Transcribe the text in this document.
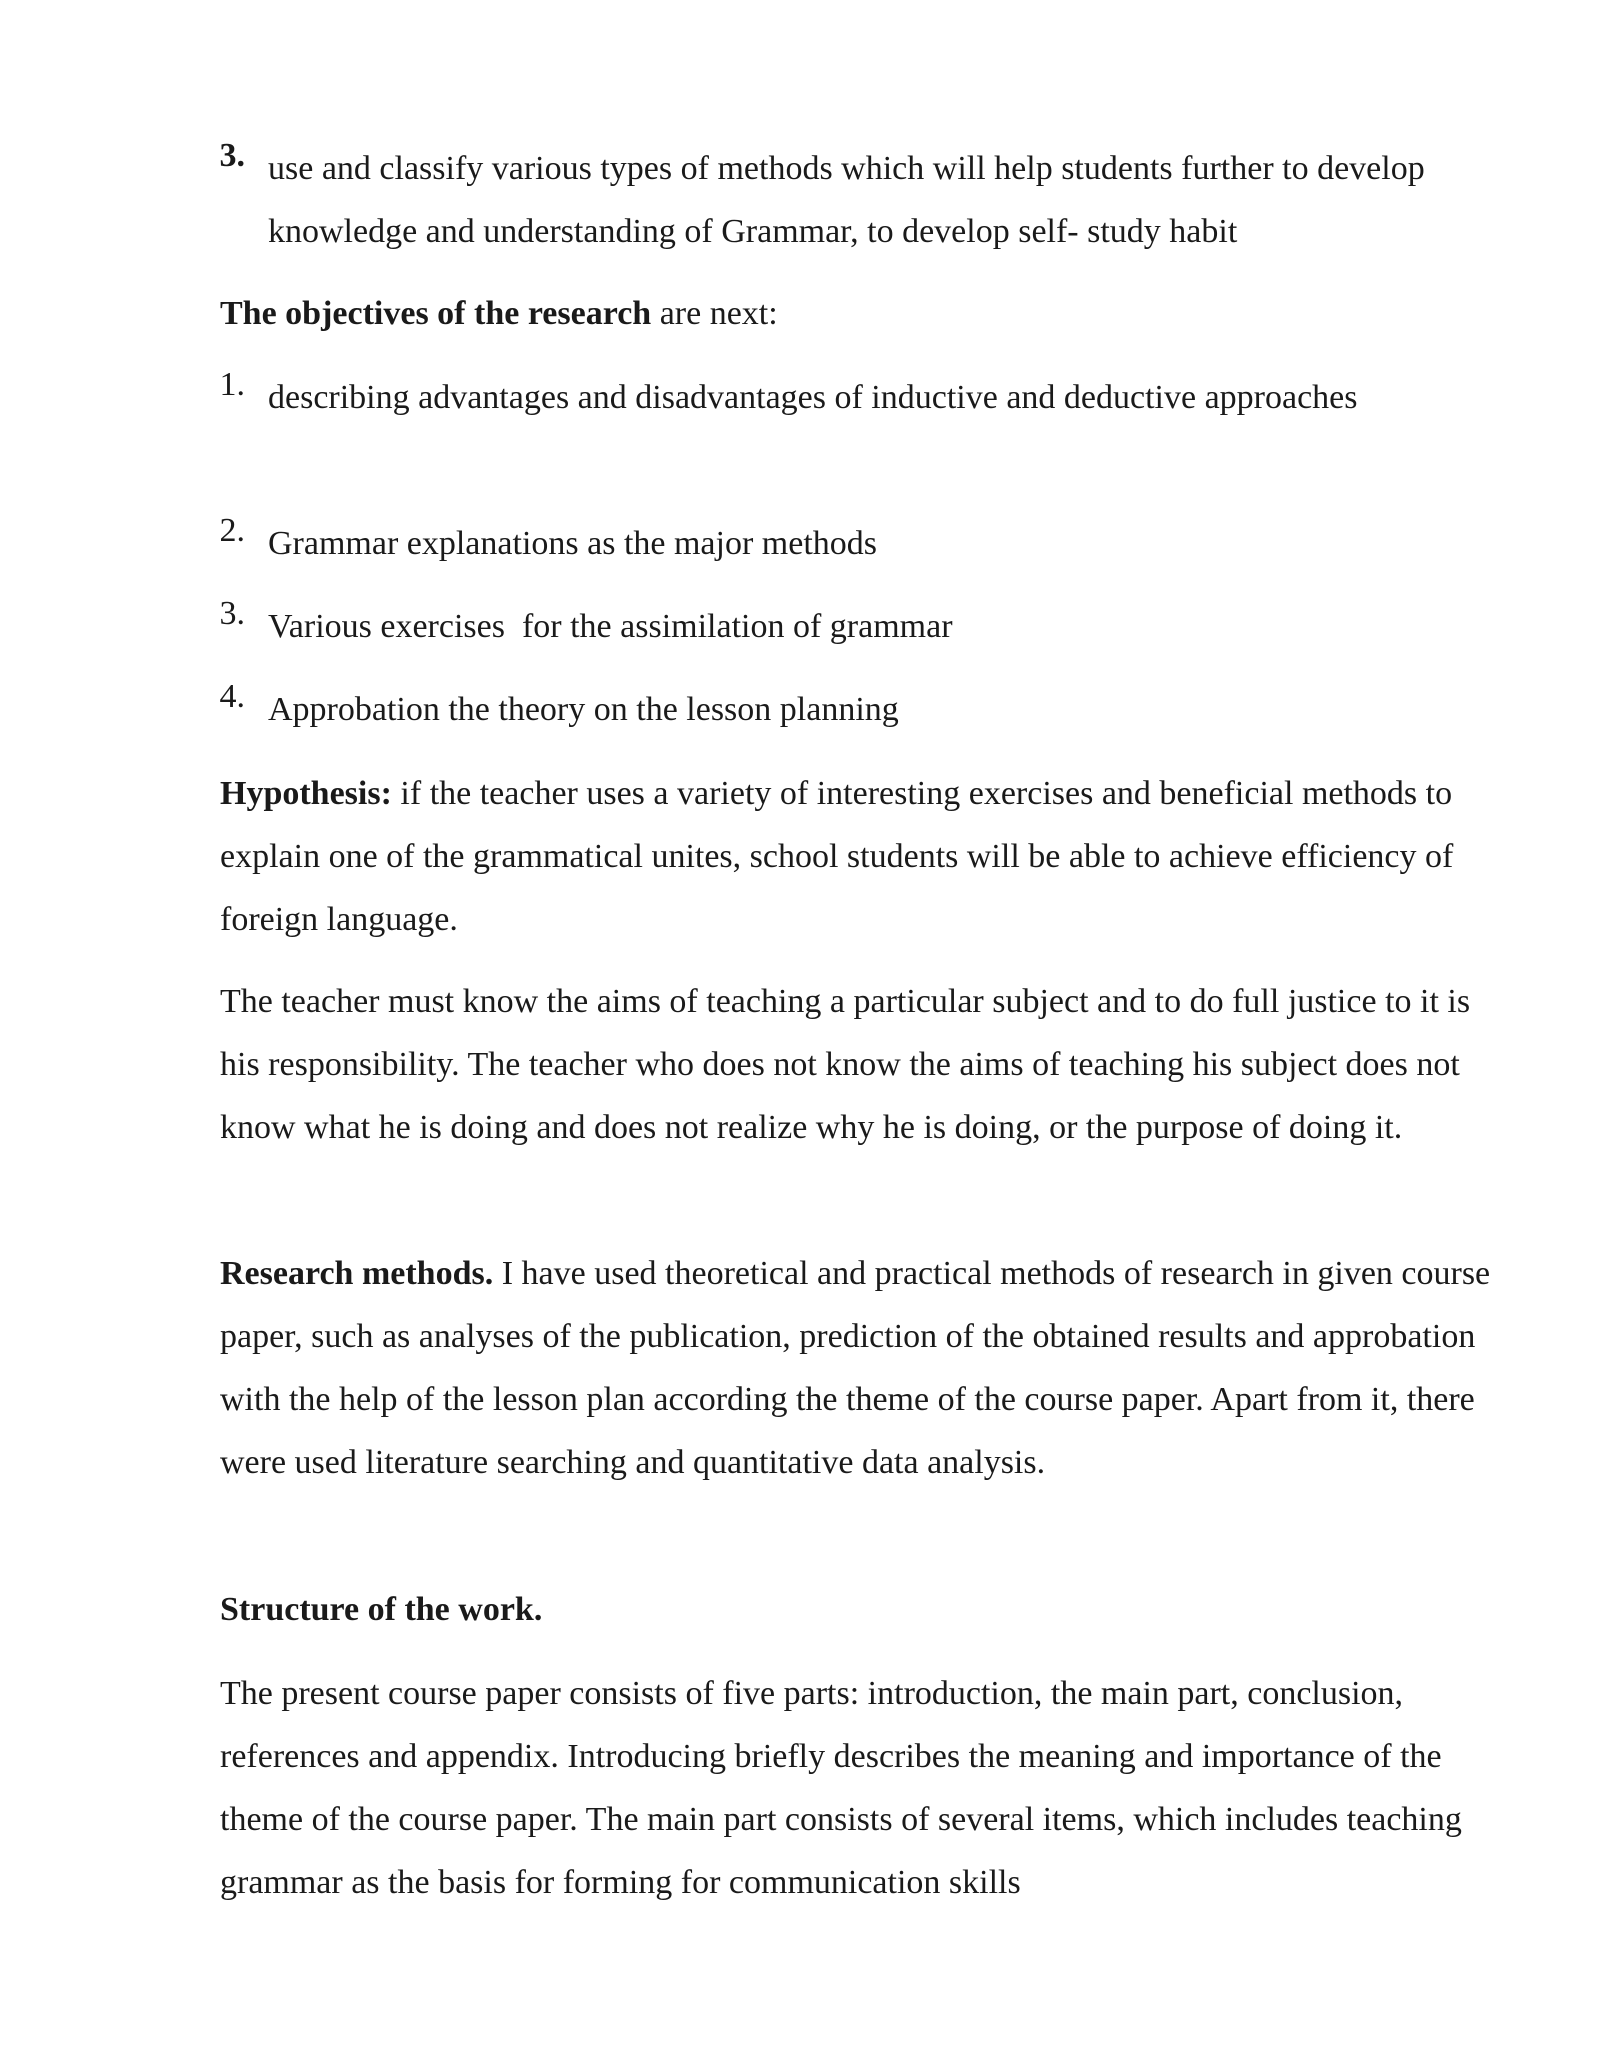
3. use and classify various types of methods which will help students further to develop knowledge and understanding of Grammar, to develop self- study habit

The objectives of the research are next:

1. describing advantages and disadvantages of inductive and deductive approaches
2. Grammar explanations as the major methods
3. Various exercises  for the assimilation of grammar
4. Approbation the theory on the lesson planning

Hypothesis: if the teacher uses a variety of interesting exercises and beneficial methods to explain one of the grammatical unites, school students will be able to achieve efficiency of foreign language.

The teacher must know the aims of teaching a particular subject and to do full justice to it is his responsibility. The teacher who does not know the aims of teaching his subject does not know what he is doing and does not realize why he is doing, or the purpose of doing it.

Research methods. I have used theoretical and practical methods of research in given course paper, such as analyses of the publication, prediction of the obtained results and approbation with the help of the lesson plan according the theme of the course paper. Apart from it, there were used literature searching and quantitative data analysis.

Structure of the work.

The present course paper consists of five parts: introduction, the main part, conclusion, references and appendix. Introducing briefly describes the meaning and importance of the theme of the course paper. The main part consists of several items, which includes teaching grammar as the basis for forming for communication skills
